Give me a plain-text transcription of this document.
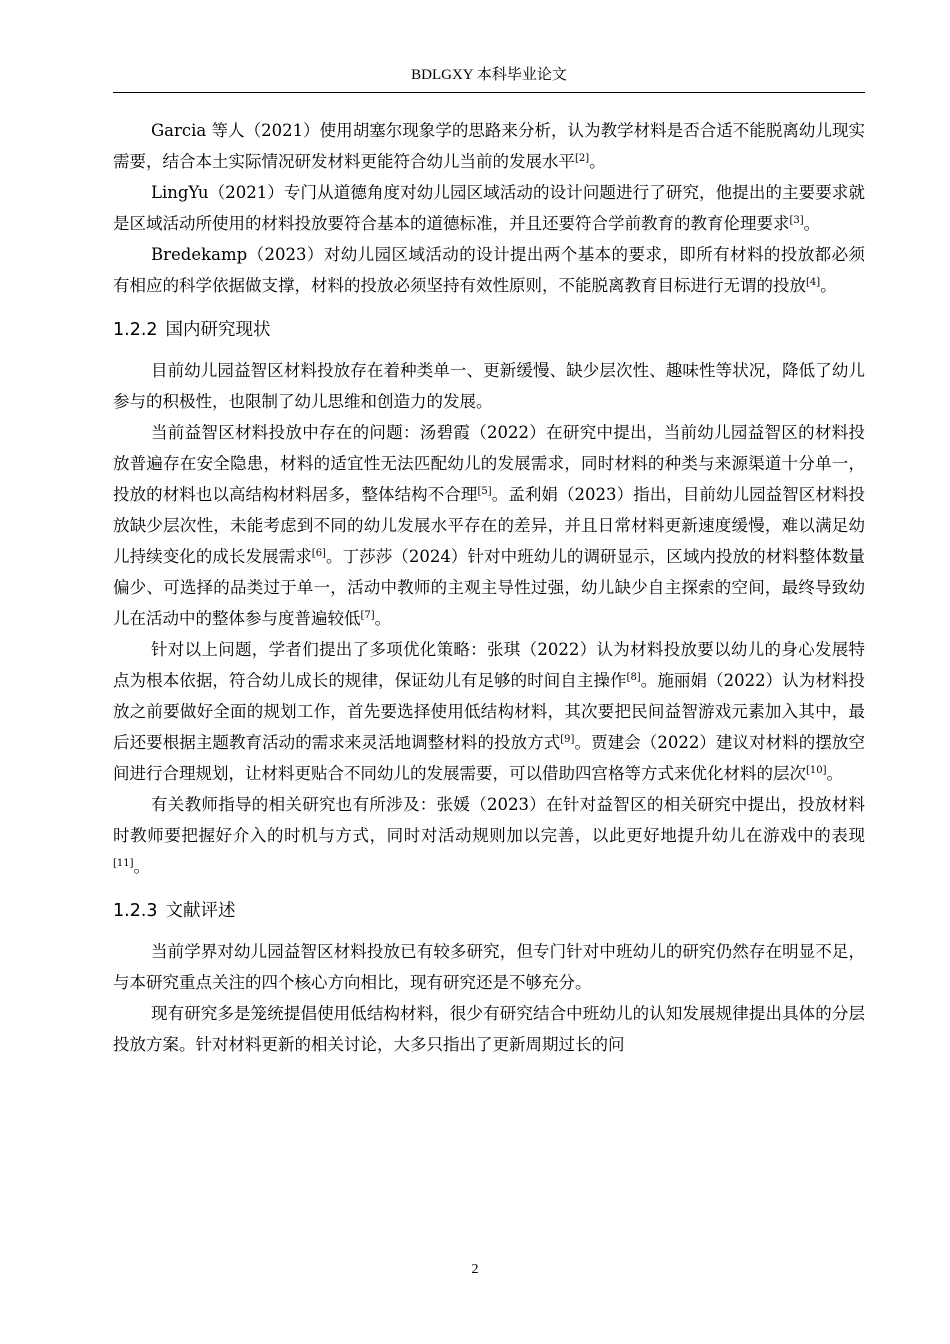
BDLGXY 本科毕业论文

Garcia 等人（2021）使用胡塞尔现象学的思路来分析，认为教学材料是否合适不能脱离幼儿现实需要，结合本土实际情况研发材料更能符合幼儿当前的发展水平[2]。

LingYu（2021）专门从道德角度对幼儿园区域活动的设计问题进行了研究，他提出的主要要求就是区域活动所使用的材料投放要符合基本的道德标准，并且还要符合学前教育的教育伦理要求[3]。

Bredekamp（2023）对幼儿园区域活动的设计提出两个基本的要求，即所有材料的投放都必须有相应的科学依据做支撑，材料的投放必须坚持有效性原则，不能脱离教育目标进行无谓的投放[4]。

1.2.2 国内研究现状

目前幼儿园益智区材料投放存在着种类单一、更新缓慢、缺少层次性、趣味性等状况，降低了幼儿参与的积极性，也限制了幼儿思维和创造力的发展。

当前益智区材料投放中存在的问题：汤碧霞（2022）在研究中提出，当前幼儿园益智区的材料投放普遍存在安全隐患，材料的适宜性无法匹配幼儿的发展需求，同时材料的种类与来源渠道十分单一，投放的材料也以高结构材料居多，整体结构不合理[5]。孟利娟（2023）指出，目前幼儿园益智区材料投放缺少层次性，未能考虑到不同的幼儿发展水平存在的差异，并且日常材料更新速度缓慢，难以满足幼儿持续变化的成长发展需求[6]。丁莎莎（2024）针对中班幼儿的调研显示，区域内投放的材料整体数量偏少、可选择的品类过于单一，活动中教师的主观主导性过强，幼儿缺少自主探索的空间，最终导致幼儿在活动中的整体参与度普遍较低[7]。

针对以上问题，学者们提出了多项优化策略：张琪（2022）认为材料投放要以幼儿的身心发展特点为根本依据，符合幼儿成长的规律，保证幼儿有足够的时间自主操作[8]。施丽娟（2022）认为材料投放之前要做好全面的规划工作，首先要选择使用低结构材料，其次要把民间益智游戏元素加入其中，最后还要根据主题教育活动的需求来灵活地调整材料的投放方式[9]。贾建会（2022）建议对材料的摆放空间进行合理规划，让材料更贴合不同幼儿的发展需要，可以借助四宫格等方式来优化材料的层次[10]。

有关教师指导的相关研究也有所涉及：张媛（2023）在针对益智区的相关研究中提出，投放材料时教师要把握好介入的时机与方式，同时对活动规则加以完善，以此更好地提升幼儿在游戏中的表现[11]。

1.2.3 文献评述

当前学界对幼儿园益智区材料投放已有较多研究，但专门针对中班幼儿的研究仍然存在明显不足，与本研究重点关注的四个核心方向相比，现有研究还是不够充分。

现有研究多是笼统提倡使用低结构材料，很少有研究结合中班幼儿的认知发展规律提出具体的分层投放方案。针对材料更新的相关讨论，大多只指出了更新周期过长的问

2
